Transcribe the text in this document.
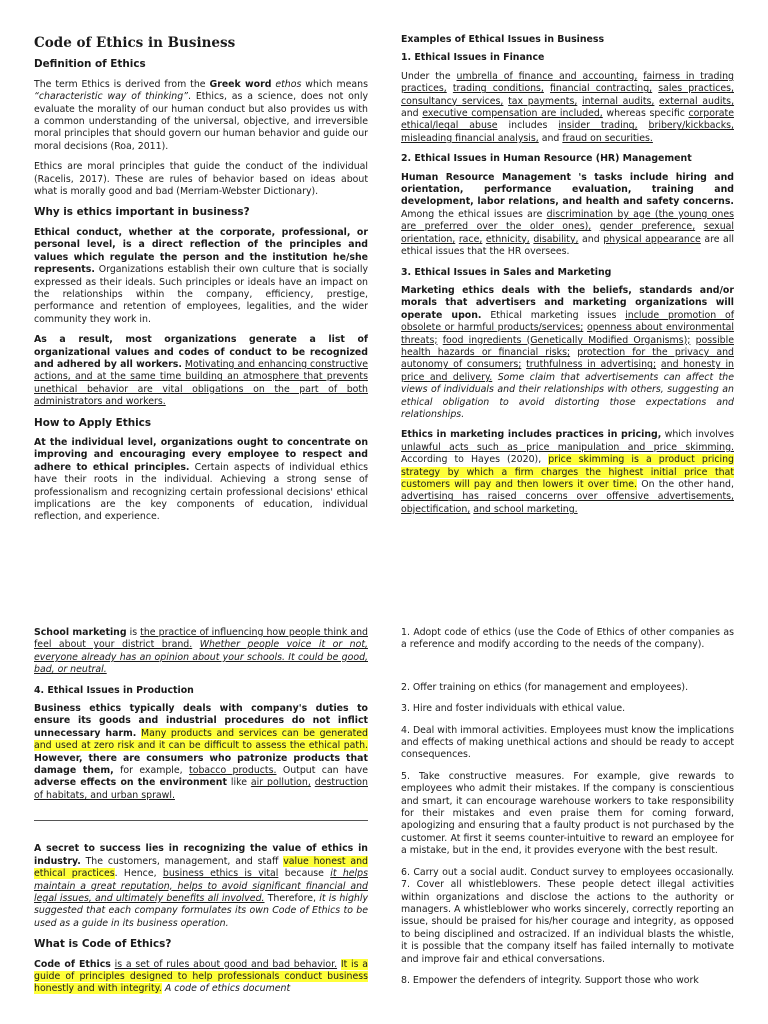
Code of Ethics in Business
Definition of Ethics

The term Ethics is derived from the Greek word ethos which means “characteristic way of thinking”. Ethics, as a science, does not only evaluate the morality of our human conduct but also provides us with a common understanding of the universal, objective, and irreversible moral principles that should govern our human behavior and guide our moral decisions (Roa, 2011).

Ethics are moral principles that guide the conduct of the individual (Racelis, 2017). These are rules of behavior based on ideas about what is morally good and bad (Merriam-Webster Dictionary).

Why is ethics important in business?

Ethical conduct, whether at the corporate, professional, or personal level, is a direct reflection of the principles and values which regulate the person and the institution he/she represents. Organizations establish their own culture that is socially expressed as their ideals. Such principles or ideals have an impact on the relationships within the company, efficiency, prestige, performance and retention of employees, legalities, and the wider community they work in.

As a result, most organizations generate a list of organizational values and codes of conduct to be recognized and adhered by all workers. Motivating and enhancing constructive actions, and at the same time building an atmosphere that prevents unethical behavior are vital obligations on the part of both administrators and workers.

How to Apply Ethics

At the individual level, organizations ought to concentrate on improving and encouraging every employee to respect and adhere to ethical principles. Certain aspects of individual ethics have their roots in the individual. Achieving a strong sense of professionalism and recognizing certain professional decisions' ethical implications are the key components of education, individual reflection, and experience.

Examples of Ethical Issues in Business
1. Ethical Issues in Finance

Under the umbrella of finance and accounting, fairness in trading practices, trading conditions, financial contracting, sales practices, consultancy services, tax payments, internal audits, external audits, and executive compensation are included, whereas specific corporate ethical/legal abuse includes insider trading, bribery/kickbacks, misleading financial analysis, and fraud on securities.

2. Ethical Issues in Human Resource (HR) Management

Human Resource Management 's tasks include hiring and orientation, performance evaluation, training and development, labor relations, and health and safety concerns. Among the ethical issues are discrimination by age (the young ones are preferred over the older ones), gender preference, sexual orientation, race, ethnicity, disability, and physical appearance are all ethical issues that the HR oversees.

3. Ethical Issues in Sales and Marketing

Marketing ethics deals with the beliefs, standards and/or morals that advertisers and marketing organizations will operate upon. Ethical marketing issues include promotion of obsolete or harmful products/services; openness about environmental threats; food ingredients (Genetically Modified Organisms); possible health hazards or financial risks; protection for the privacy and autonomy of consumers; truthfulness in advertising; and honesty in price and delivery. Some claim that advertisements can affect the views of individuals and their relationships with others, suggesting an ethical obligation to avoid distorting those expectations and relationships.

Ethics in marketing includes practices in pricing, which involves unlawful acts such as price manipulation and price skimming. According to Hayes (2020), price skimming is a product pricing strategy by which a firm charges the highest initial price that customers will pay and then lowers it over time. On the other hand, advertising has raised concerns over offensive advertisements, objectification, and school marketing.

School marketing is the practice of influencing how people think and feel about your district brand. Whether people voice it or not, everyone already has an opinion about your schools. It could be good, bad, or neutral.

4. Ethical Issues in Production

Business ethics typically deals with company's duties to ensure its goods and industrial procedures do not inflict unnecessary harm. Many products and services can be generated and used at zero risk and it can be difficult to assess the ethical path. However, there are consumers who patronize products that damage them, for example, tobacco products. Output can have adverse effects on the environment like air pollution, destruction of habitats, and urban sprawl.

A secret to success lies in recognizing the value of ethics in industry. The customers, management, and staff value honest and ethical practices. Hence, business ethics is vital because it helps maintain a great reputation, helps to avoid significant financial and legal issues, and ultimately benefits all involved. Therefore, it is highly suggested that each company formulates its own Code of Ethics to be used as a guide in its business operation.

What is Code of Ethics?

Code of Ethics is a set of rules about good and bad behavior. It is a guide of principles designed to help professionals conduct business honestly and with integrity. A code of ethics document

1. Adopt code of ethics (use the Code of Ethics of other companies as a reference and modify according to the needs of the company).

2. Offer training on ethics (for management and employees).

3. Hire and foster individuals with ethical value.

4. Deal with immoral activities. Employees must know the implications and effects of making unethical actions and should be ready to accept consequences.

5. Take constructive measures. For example, give rewards to employees who admit their mistakes. If the company is conscientious and smart, it can encourage warehouse workers to take responsibility for their mistakes and even praise them for coming forward, apologizing and ensuring that a faulty product is not purchased by the customer. At first it seems counter-intuitive to reward an employee for a mistake, but in the end, it provides everyone with the best result.

6. Carry out a social audit. Conduct survey to employees occasionally. 7. Cover all whistleblowers. These people detect illegal activities within organizations and disclose the actions to the authority or managers. A whistleblower who works sincerely, correctly reporting an issue, should be praised for his/her courage and integrity, as opposed to being disciplined and ostracized. If an individual blasts the whistle, it is possible that the company itself has failed internally to motivate and improve fair and ethical conversations.

8. Empower the defenders of integrity. Support those who work
